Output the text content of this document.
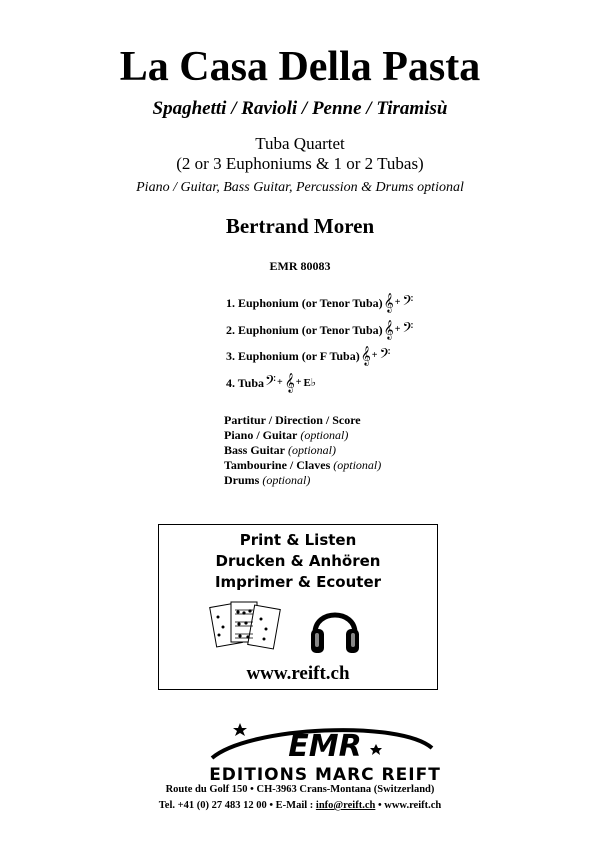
La Casa Della Pasta
Spaghetti / Ravioli / Penne / Tiramisù
Tuba Quartet
(2 or 3 Euphoniums & 1 or 2 Tubas)
Piano / Guitar, Bass Guitar, Percussion & Drums optional
Bertrand Moren
EMR 80083
1. Euphonium (or Tenor Tuba) 𝄞 + 𝄢
2. Euphonium (or Tenor Tuba) 𝄞 + 𝄢
3. Euphonium (or F Tuba) 𝄞 + 𝄢
4. Tuba 𝄢 + 𝄞 + E♭
Partitur / Direction / Score
Piano / Guitar (optional)
Bass Guitar (optional)
Tambourine / Claves (optional)
Drums (optional)
Print & Listen
Drucken & Anhören
Imprimer & Ecouter
www.reift.ch
EMR
EDITIONS MARC REIFT
Route du Golf 150 • CH-3963 Crans-Montana (Switzerland)
Tel. +41 (0) 27 483 12 00 • E-Mail : info@reift.ch • www.reift.ch
